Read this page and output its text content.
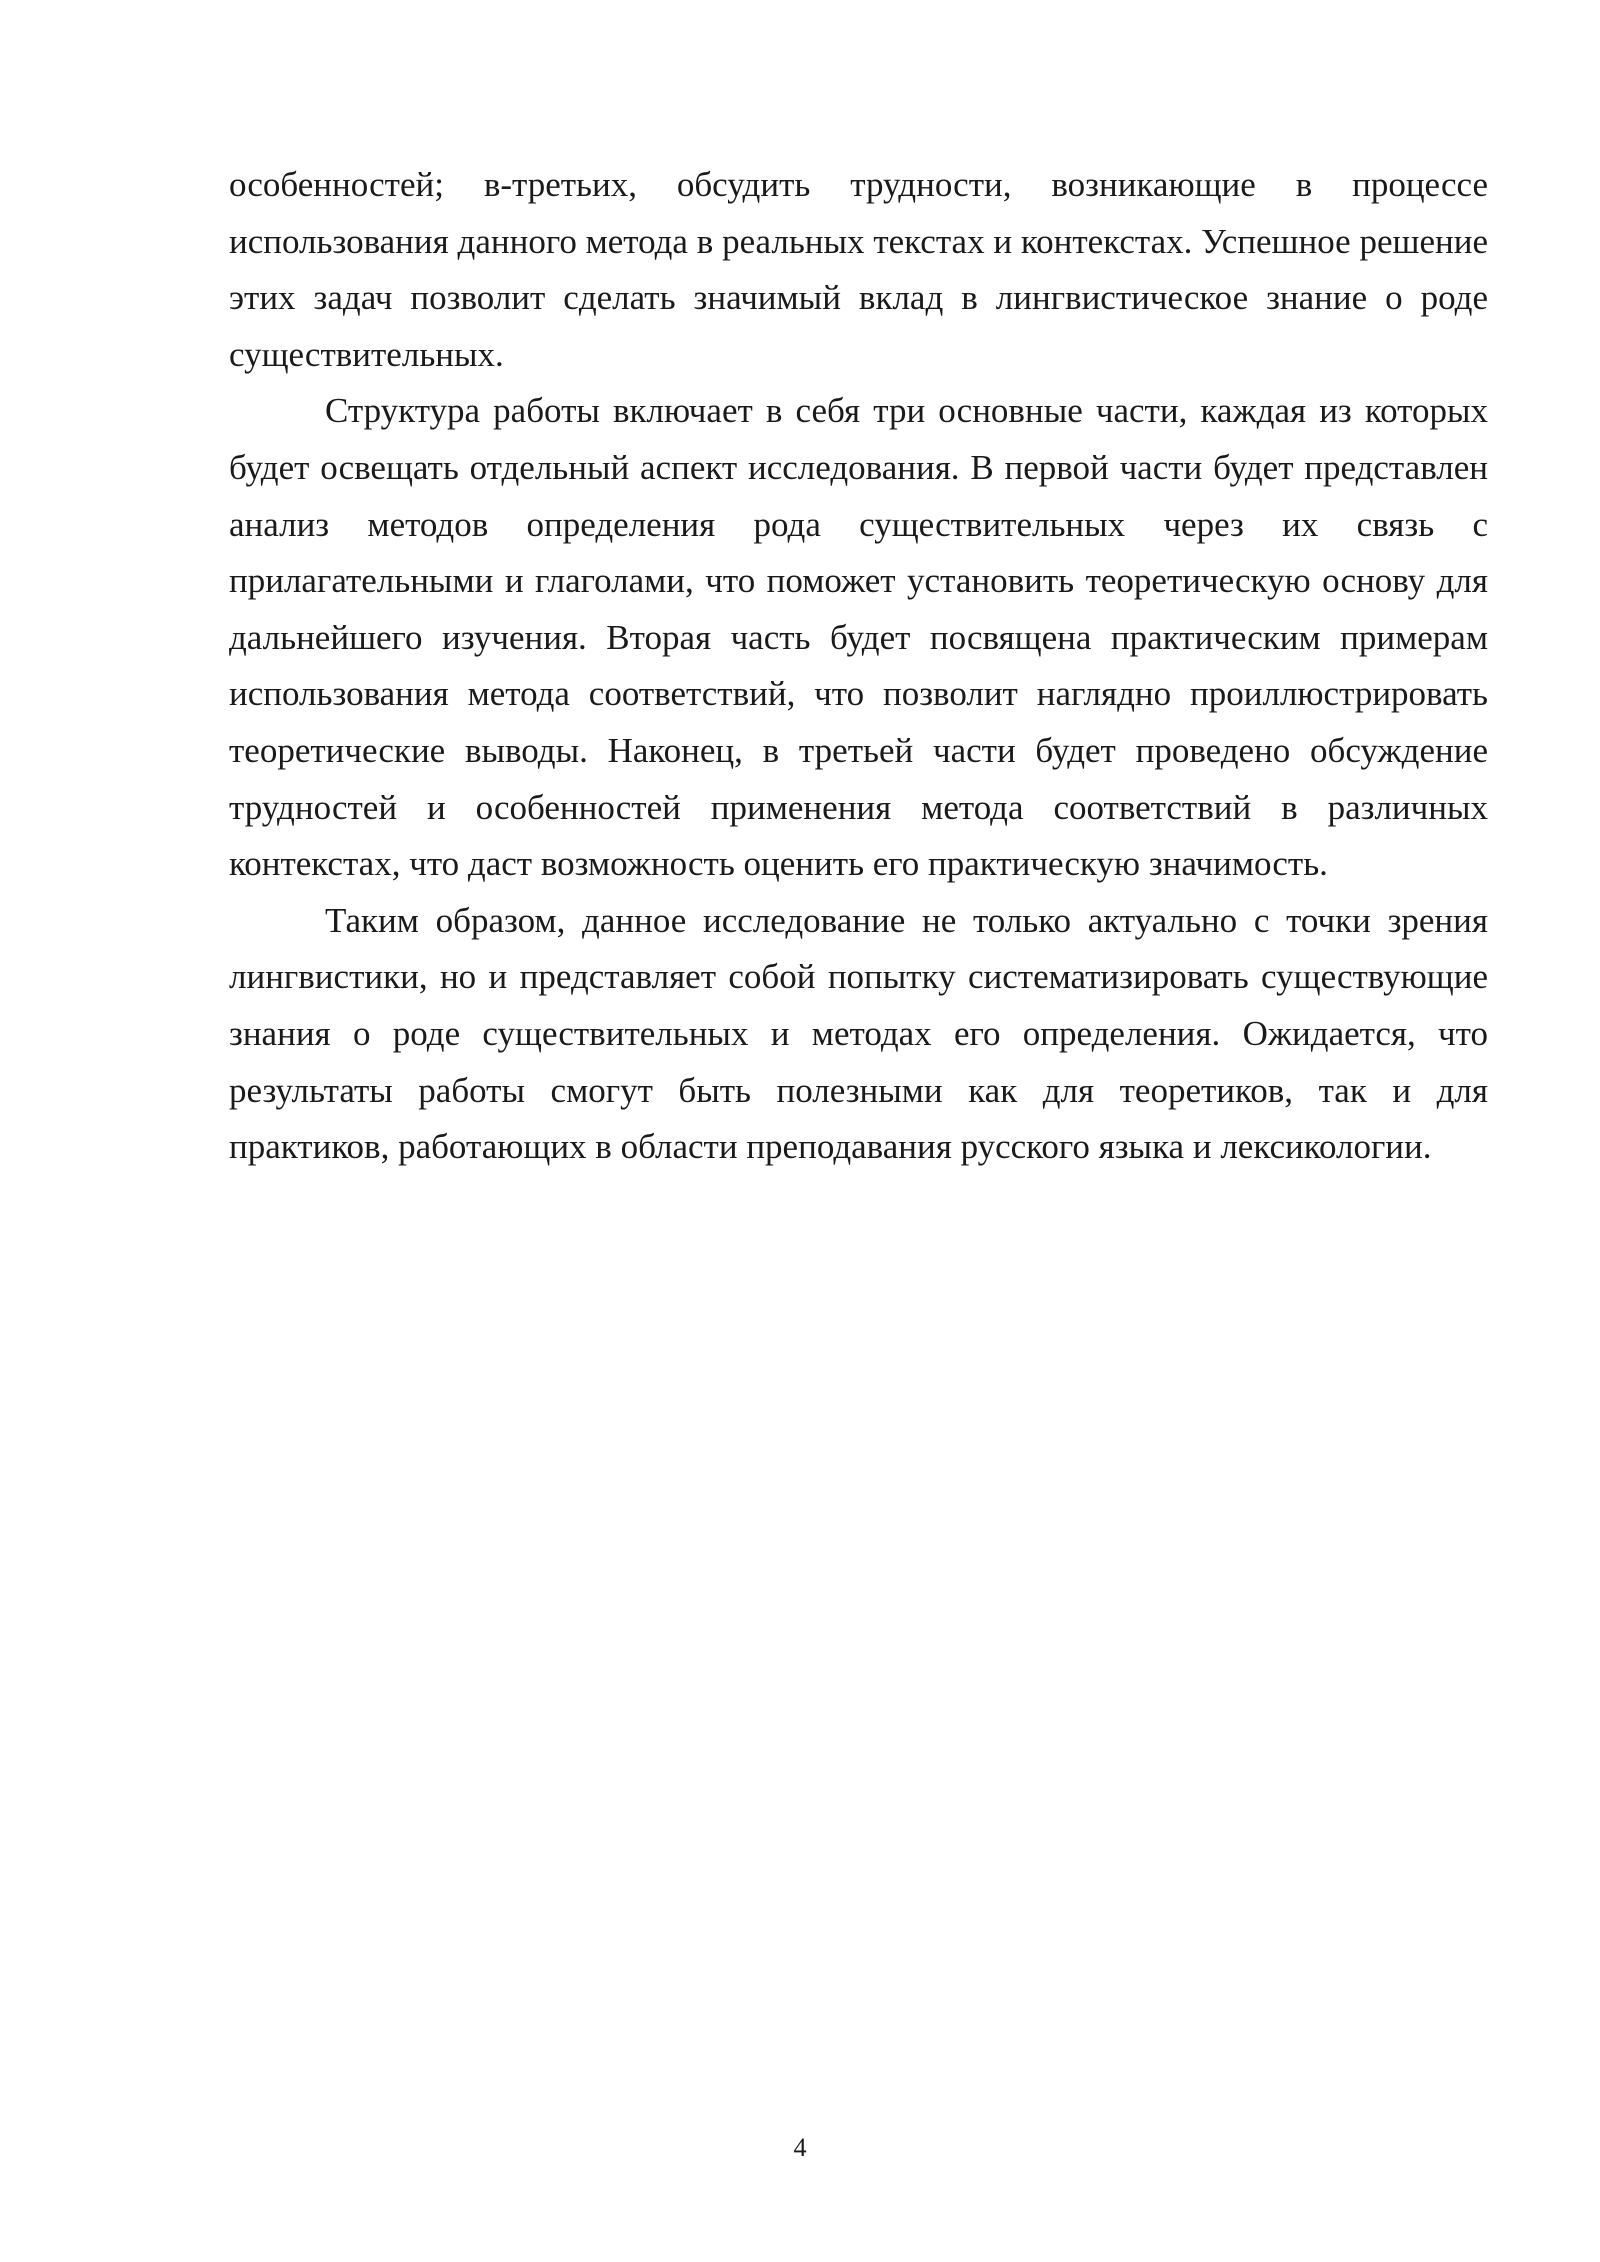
особенностей; в-третьих, обсудить трудности, возникающие в процессе использования данного метода в реальных текстах и контекстах. Успешное решение этих задач позволит сделать значимый вклад в лингвистическое знание о роде существительных.

Структура работы включает в себя три основные части, каждая из которых будет освещать отдельный аспект исследования. В первой части будет представлен анализ методов определения рода существительных через их связь с прилагательными и глаголами, что поможет установить теоретическую основу для дальнейшего изучения. Вторая часть будет посвящена практическим примерам использования метода соответствий, что позволит наглядно проиллюстрировать теоретические выводы. Наконец, в третьей части будет проведено обсуждение трудностей и особенностей применения метода соответствий в различных контекстах, что даст возможность оценить его практическую значимость.

Таким образом, данное исследование не только актуально с точки зрения лингвистики, но и представляет собой попытку систематизировать существующие знания о роде существительных и методах его определения. Ожидается, что результаты работы смогут быть полезными как для теоретиков, так и для практиков, работающих в области преподавания русского языка и лексикологии.

4
